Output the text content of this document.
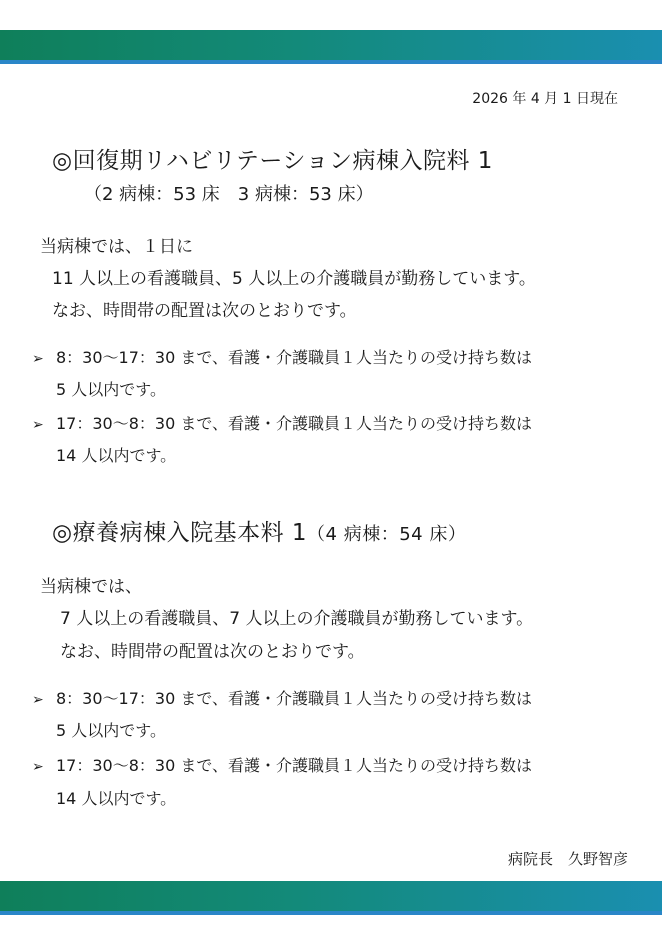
2026 年 4 月 1 日現在
◎回復期リハビリテーション病棟入院料 1
（2 病棟：53 床　3 病棟：53 床）
当病棟では、１日に
11 人以上の看護職員、5 人以上の介護職員が勤務しています。
なお、時間帯の配置は次のとおりです。
➢ 8：30〜17：30 まで、看護・介護職員１人当たりの受け持ち数は
5 人以内です。
➢ 17：30〜8：30 まで、看護・介護職員１人当たりの受け持ち数は
14 人以内です。
◎療養病棟入院基本料 1（4 病棟：54 床）
当病棟では、
7 人以上の看護職員、7 人以上の介護職員が勤務しています。
なお、時間帯の配置は次のとおりです。
➢ 8：30〜17：30 まで、看護・介護職員１人当たりの受け持ち数は
5 人以内です。
➢ 17：30〜8：30 まで、看護・介護職員１人当たりの受け持ち数は
14 人以内です。
病院長　久野智彦
